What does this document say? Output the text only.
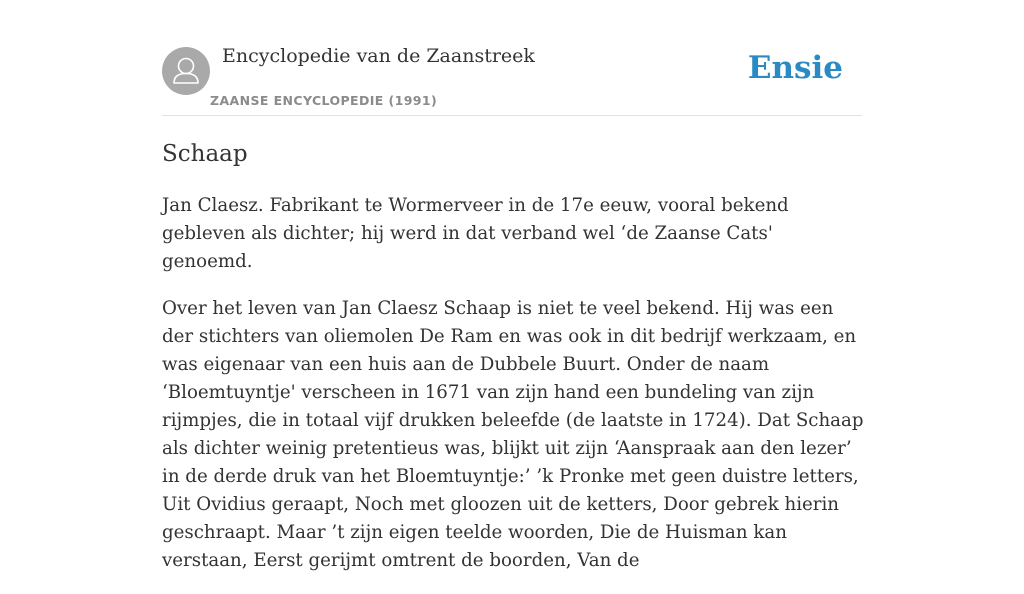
Encyclopedie van de Zaanstreek
ZAANSE ENCYCLOPEDIE (1991)
Ensie
Schaap

Jan Claesz. Fabrikant te Wormerveer in de 17e eeuw, vooral bekend gebleven als dichter; hij werd in dat verband wel ‘de Zaanse Cats' genoemd.

Over het leven van Jan Claesz Schaap is niet te veel bekend. Hij was een der stichters van oliemolen De Ram en was ook in dit bedrijf werkzaam, en was eigenaar van een huis aan de Dubbele Buurt. Onder de naam ‘Bloemtuyntje' verscheen in 1671 van zijn hand een bundeling van zijn rijmpjes, die in totaal vijf drukken beleefde (de laatste in 1724). Dat Schaap als dichter weinig pretentieus was, blijkt uit zijn ‘Aanspraak aan den lezer’ in de derde druk van het Bloemtuyntje:’ ’k Pronke met geen duistre letters, Uit Ovidius geraapt, Noch met gloozen uit de ketters, Door gebrek hierin geschraapt. Maar ’t zijn eigen teelde woorden, Die de Huisman kan verstaan, Eerst gerijmt omtrent de boorden, Van de
